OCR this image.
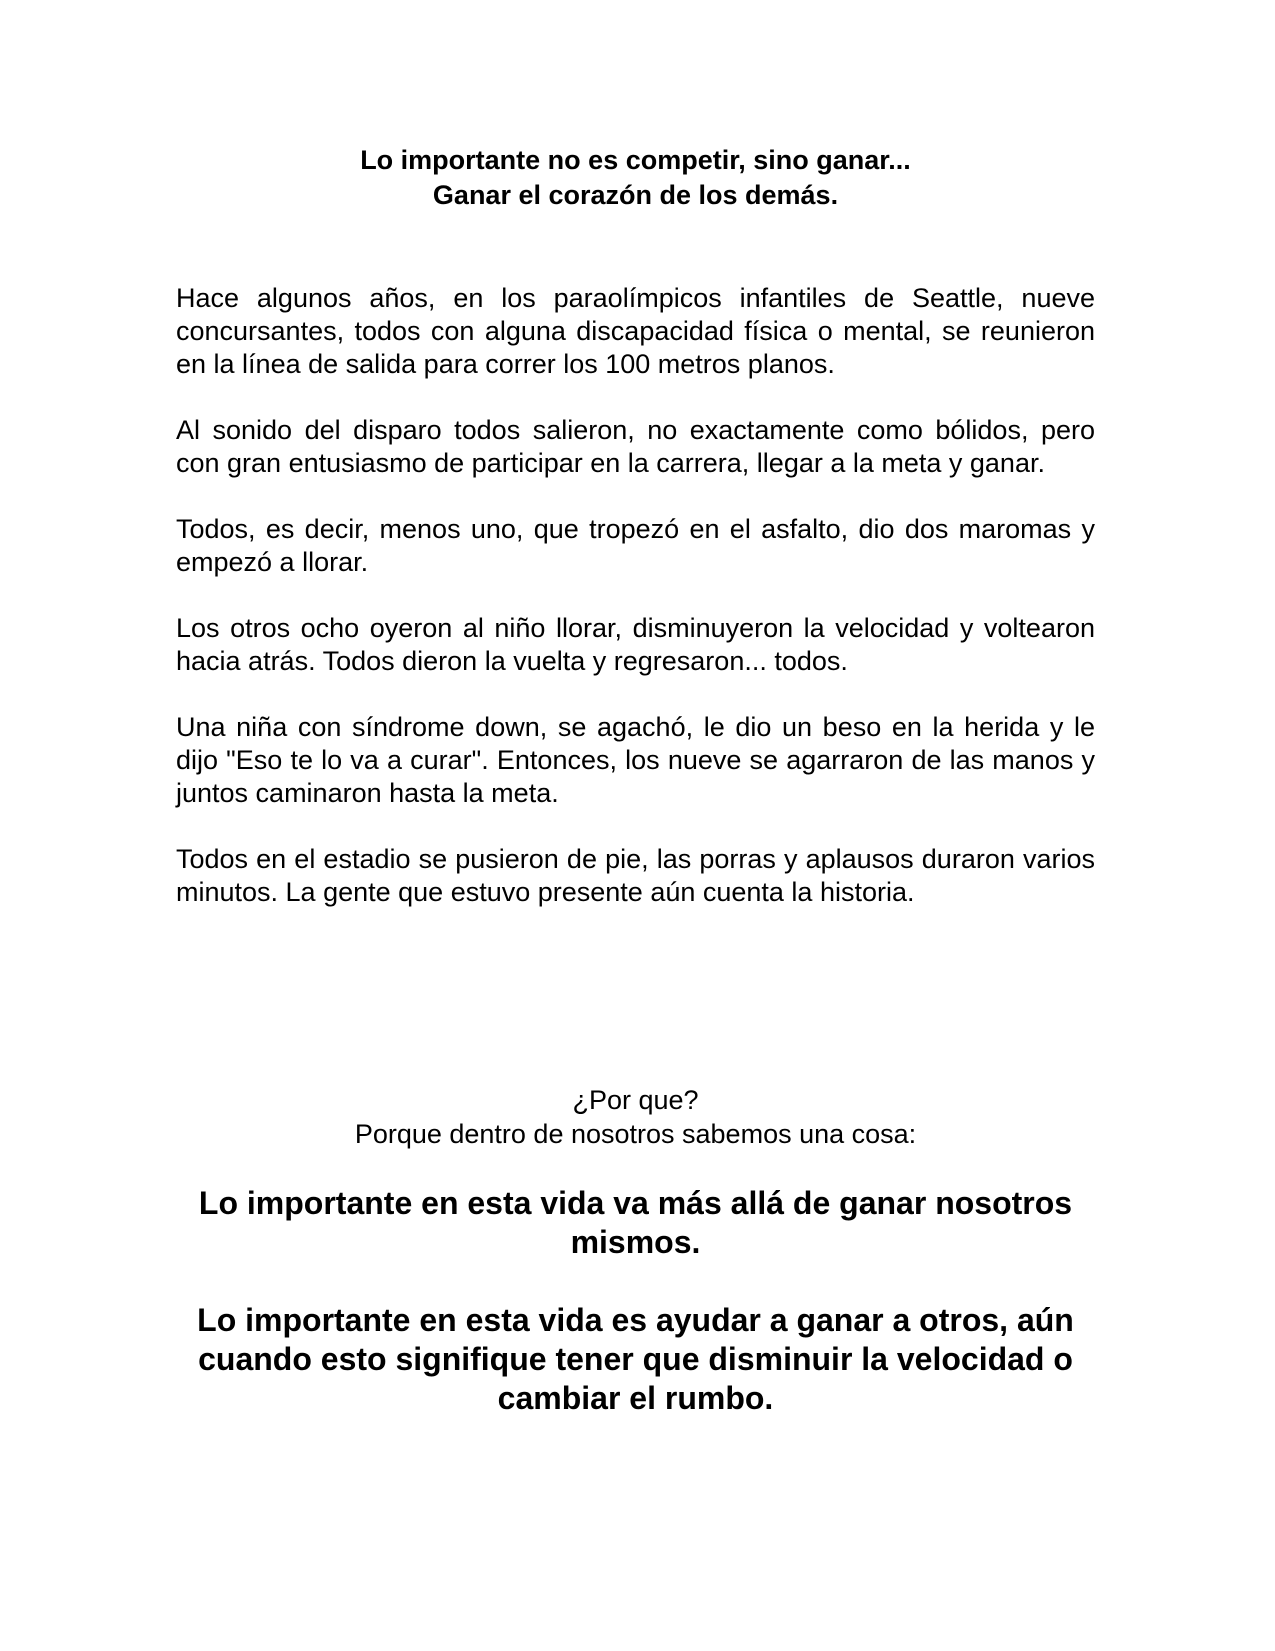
Lo importante no es competir, sino ganar...
Ganar el corazón de los demás.

Hace algunos años, en los paraolímpicos infantiles de Seattle, nueve concursantes, todos con alguna discapacidad física o mental, se reunieron en la línea de salida para correr los 100 metros planos.

Al sonido del disparo todos salieron, no exactamente como bólidos, pero con gran entusiasmo de participar en la carrera, llegar a la meta y ganar.

Todos, es decir, menos uno, que tropezó en el asfalto, dio dos maromas y empezó a llorar.

Los otros ocho oyeron al niño llorar, disminuyeron la velocidad y voltearon hacia atrás. Todos dieron la vuelta y regresaron... todos.

Una niña con síndrome down, se agachó, le dio un beso en la herida y le dijo "Eso te lo va a curar". Entonces, los nueve se agarraron de las manos y juntos caminaron hasta la meta.

Todos en el estadio se pusieron de pie, las porras y aplausos duraron varios minutos. La gente que estuvo presente aún cuenta la historia.

¿Por que?
Porque dentro de nosotros sabemos una cosa:

Lo importante en esta vida va más allá de ganar nosotros mismos.

Lo importante en esta vida es ayudar a ganar a otros, aún cuando esto signifique tener que disminuir la velocidad o cambiar el rumbo.
